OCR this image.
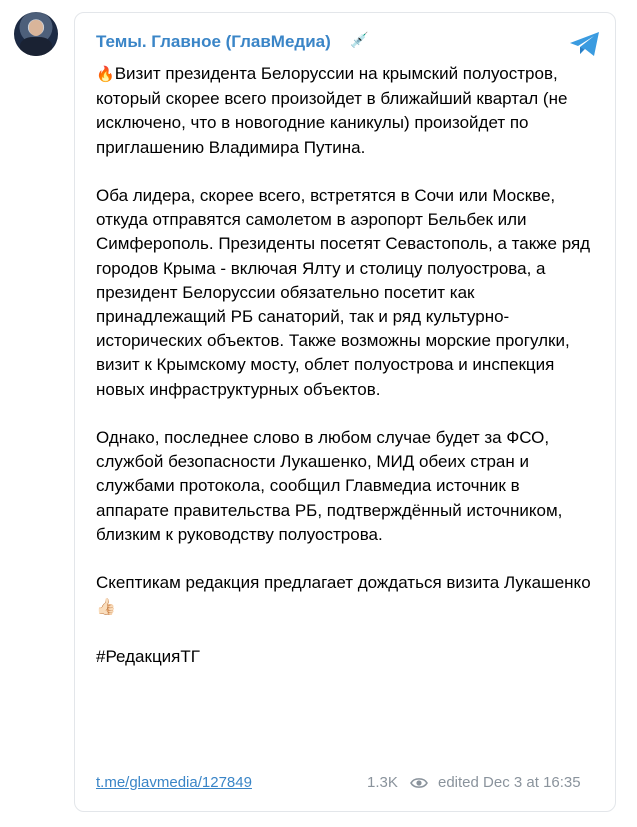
Темы. Главное (ГлавМедиа) 💉

🔥Визит президента Белоруссии на крымский полуостров, который скорее всего произойдет в ближайший квартал (не исключено, что в новогодние каникулы) произойдет по приглашению Владимира Путина.

Оба лидера, скорее всего, встретятся в Сочи или Москве, откуда отправятся самолетом в аэропорт Бельбек или Симферополь. Президенты посетят Севастополь, а также ряд городов Крыма - включая Ялту и столицу полуострова, а президент Белоруссии обязательно посетит как принадлежащий РБ санаторий, так и ряд культурно-исторических объектов. Также возможны морские прогулки, визит к Крымскому мосту, облет полуострова и инспекция новых инфраструктурных объектов.

Однако, последнее слово в любом случае будет за ФСО, службой безопасности Лукашенко, МИД обеих стран и службами протокола, сообщил Главмедиа источник в аппарате правительства РБ, подтверждённый источником, близким к руководству полуострова.

Скептикам редакция предлагает дождаться визита Лукашенко 👍🏻

#РедакцияТГ

t.me/glavmedia/127849	1.3K	edited Dec 3 at 16:35
